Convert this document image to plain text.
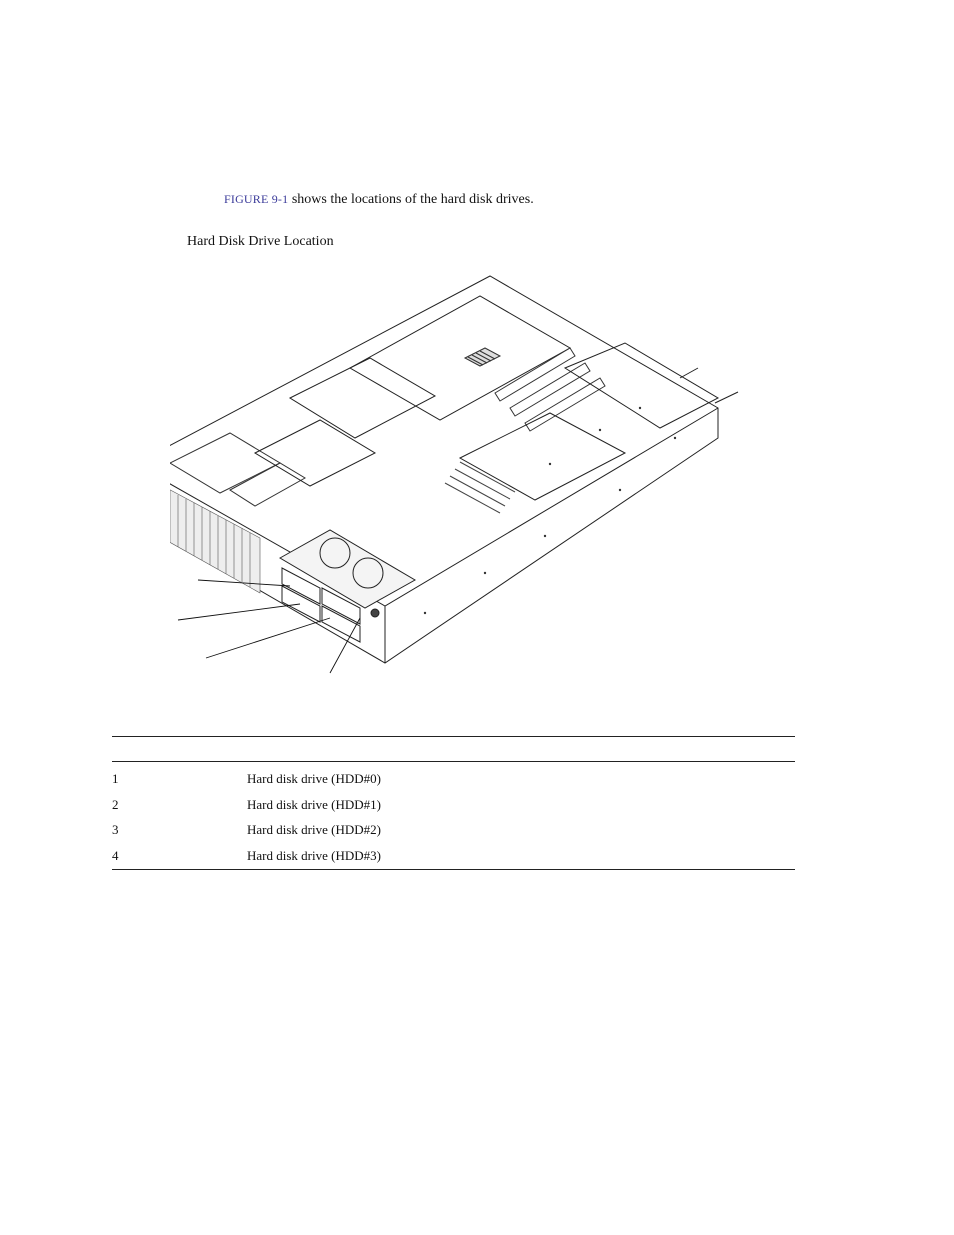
FIGURE 9-1 shows the locations of the hard disk drives.

Hard Disk Drive Location
1	Hard disk drive (HDD#0)
2	Hard disk drive (HDD#1)
3	Hard disk drive (HDD#2)
4	Hard disk drive (HDD#3)
